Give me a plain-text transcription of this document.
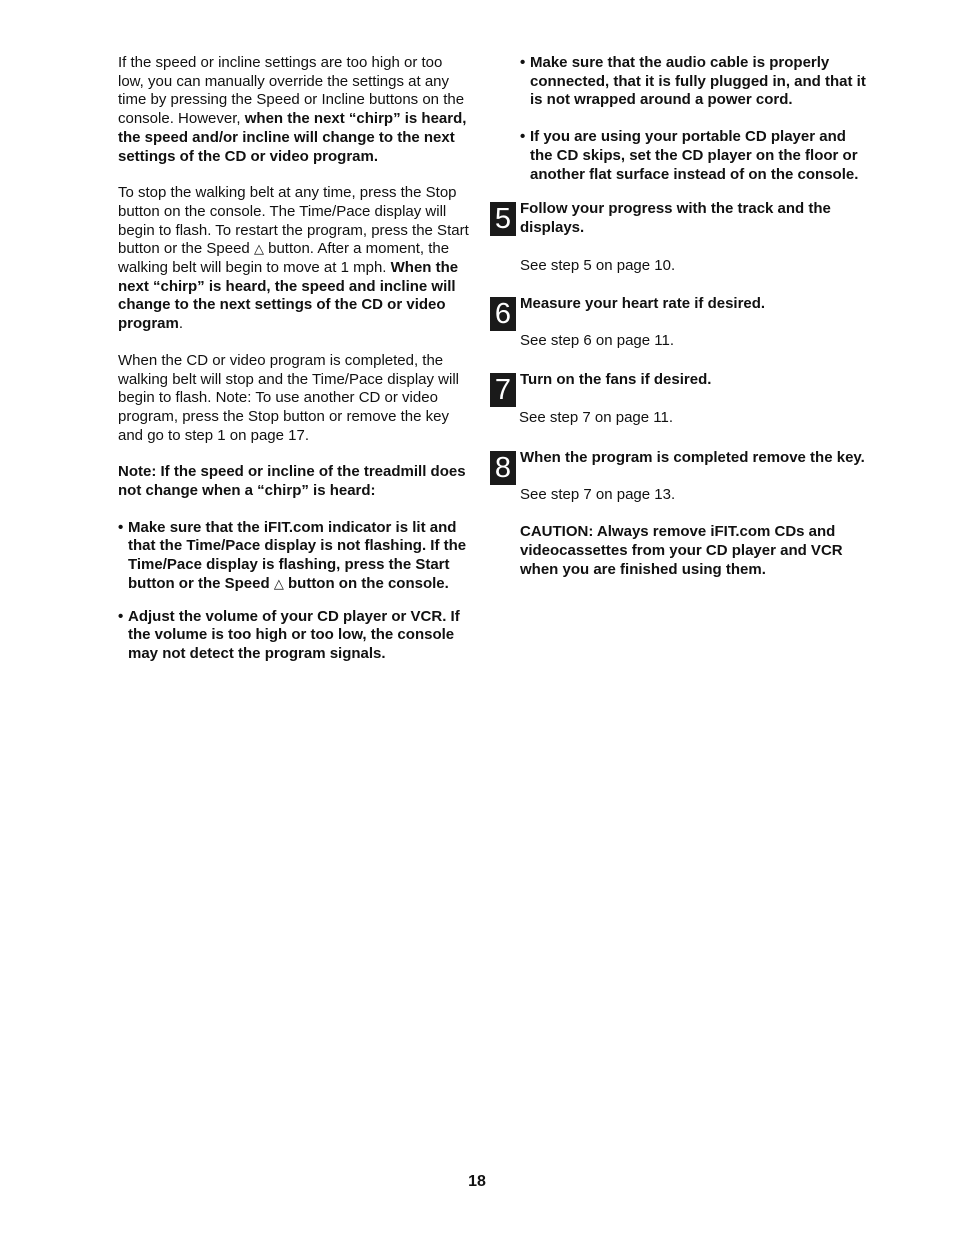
If the speed or incline settings are too high or too low, you can manually override the settings at any time by pressing the Speed or Incline buttons on the console. However, when the next “chirp” is heard, the speed and/or incline will change to the next settings of the CD or video program.

To stop the walking belt at any time, press the Stop button on the console. The Time/Pace display will begin to flash. To restart the program, press the Start button or the Speed △ button. After a moment, the walking belt will begin to move at 1 mph. When the next “chirp” is heard, the speed and incline will change to the next settings of the CD or video program.

When the CD or video program is completed, the walking belt will stop and the Time/Pace display will begin to flash. Note: To use another CD or video program, press the Stop button or remove the key and go to step 1 on page 17.

Note: If the speed or incline of the treadmill does not change when a “chirp” is heard:

• Make sure that the iFIT.com indicator is lit and that the Time/Pace display is not flashing. If the Time/Pace display is flashing, press the Start button or the Speed △ button on the console.
• Adjust the volume of your CD player or VCR. If the volume is too high or too low, the console may not detect the program signals.
• Make sure that the audio cable is properly connected, that it is fully plugged in, and that it is not wrapped around a power cord.
• If you are using your portable CD player and the CD skips, set the CD player on the floor or another flat surface instead of on the console.
5 Follow your progress with the track and the displays.

See step 5 on page 10.

6 Measure your heart rate if desired.

See step 6 on page 11.

7 Turn on the fans if desired.

See step 7 on page 11.

8 When the program is completed remove the key.

See step 7 on page 13.

CAUTION: Always remove iFIT.com CDs and videocassettes from your CD player and VCR when you are finished using them.

18
